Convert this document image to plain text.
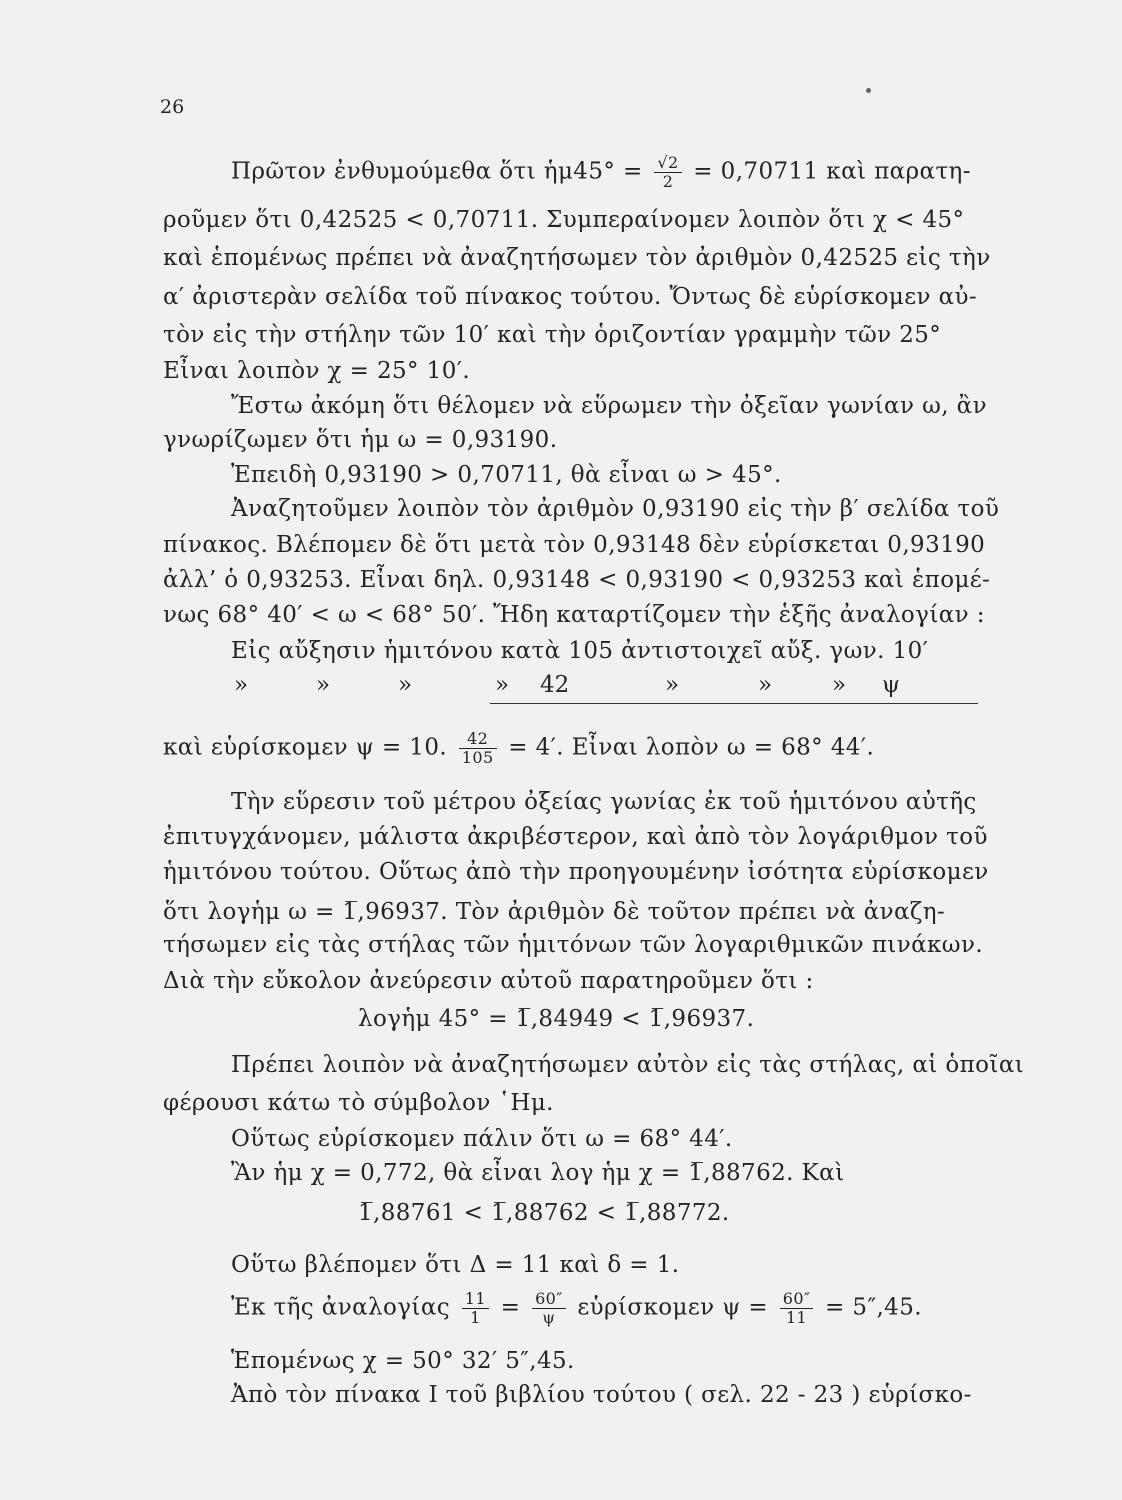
26
Πρῶτον ἐνθυμούμεθα ὅτι ἡμ45° = $\frac{√2}{2} = 0,70711$ καὶ παρατη-
ροῦμεν ὅτι 0,42525 < 0,70711. Συμπεραίνομεν λοιπὸν ὅτι χ < 45°
καὶ ἑπομένως πρέπει νὰ ἀναζητήσωμεν τὸν ἀριθμὸν 0,42525 εἰς τὴν
α′ ἀριστερὰν σελίδα τοῦ πίνακος τούτου. Ὄντως δὲ εὑρίσκομεν αὐ-
τὸν εἰς τὴν στήλην τῶν 10′ καὶ τὴν ὁριζοντίαν γραμμὴν τῶν 25°
Εἶναι λοιπὸν χ = 25° 10′.
Ἔστω ἀκόμη ὅτι θέλομεν νὰ εὕρωμεν τὴν ὀξεῖαν γωνίαν ω, ἂν
γνωρίζωμεν ὅτι ἡμ ω = 0,93190.
Ἐπειδὴ 0,93190 > 0,70711, θὰ εἶναι ω > 45°.
Ἀναζητοῦμεν λοιπὸν τὸν ἀριθμὸν 0,93190 εἰς τὴν β′ σελίδα τοῦ
πίνακος. Βλέπομεν δὲ ὅτι μετὰ τὸν 0,93148 δὲν εὑρίσκεται 0,93190
ἀλλ’ ὁ 0,93253. Εἶναι δηλ. 0,93148 < 0,93190 < 0,93253 καὶ ἑπομέ-
νως 68° 40′ < ω < 68° 50′. Ἤδη καταρτίζομεν τὴν ἑξῆς ἀναλογίαν :
Εἰς αὔξησιν ἡμιτόνου κατὰ 105 ἀντιστοιχεῖ αὔξ. γων. 10′
»	»	»	» 42	»	»	» ψ
καὶ εὑρίσκομεν ψ = 10. $\frac{42}{105} = 4'$. Εἶναι λοπὸν ω = 68° 44′.
Τὴν εὕρεσιν τοῦ μέτρου ὀξείας γωνίας ἐκ τοῦ ἡμιτόνου αὐτῆς
ἐπιτυγχάνομεν, μάλιστα ἀκριβέστερον, καὶ ἀπὸ τὸν λογάριθμον τοῦ
ἡμιτόνου τούτου. Οὕτως ἀπὸ τὴν προηγουμένην ἰσότητα εὑρίσκομεν
ὅτι λογἡμ ω = 1̅,96937. Τὸν ἀριθμὸν δὲ τοῦτον πρέπει νὰ ἀναζη-
τήσωμεν εἰς τὰς στήλας τῶν ἡμιτόνων τῶν λογαριθμικῶν πινάκων.
Διὰ τὴν εὔκολον ἀνεύρεσιν αὐτοῦ παρατηροῦμεν ὅτι :
λογἡμ 45° = 1̅,84949 < 1̅,96937.
Πρέπει λοιπὸν νὰ ἀναζητήσωμεν αὐτὸν εἰς τὰς στήλας, αἱ ὁποῖαι
φέρουσι κάτω τὸ σύμβολον ῾Ημ.
Οὕτως εὑρίσκομεν πάλιν ὅτι ω = 68° 44′.
Ἂν ἡμ χ = 0,772, θὰ εἶναι λογ ἡμ χ = 1̅,88762. Καὶ
1̅,88761 < 1̅,88762 < 1̅,88772.
Οὕτω βλέπομεν ὅτι Δ = 11 καὶ δ = 1.
Ἐκ τῆς ἀναλογίας $\frac{11}{1} = \frac{60''}{\psi}$ εὑρίσκομεν $\psi = \frac{60''}{11} = 5'',45$.
Ἑπομένως χ = 50° 32′ 5″,45.
Ἀπὸ τὸν πίνακα I τοῦ βιβλίου τούτου ( σελ. 22 - 23 ) εὑρίσκο-
